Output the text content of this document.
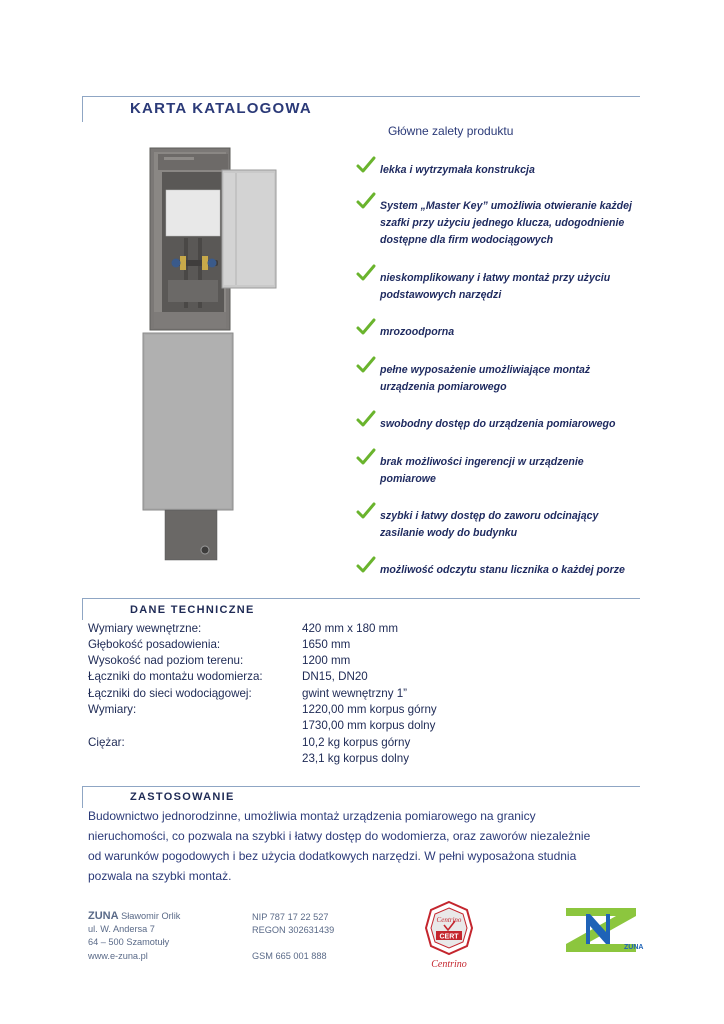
KARTA KATALOGOWA
Główne zalety produktu
lekka i wytrzymała konstrukcja
System „Master Key” umożliwia otwieranie każdej
szafki przy użyciu jednego klucza, udogodnienie
dostępne dla firm wodociągowych
nieskomplikowany i łatwy montaż przy użyciu
podstawowych narzędzi
mrozoodporna
pełne wyposażenie umożliwiające montaż
urządzenia pomiarowego
swobodny dostęp do urządzenia pomiarowego
brak możliwości ingerencji w urządzenie
pomiarowe
szybki i łatwy dostęp do zaworu odcinający
zasilanie wody do budynku
możliwość odczytu stanu licznika o każdej porze
DANE TECHNICZNE
Wymiary wewnętrzne:	420 mm x 180 mm
Głębokość posadowienia:	1650 mm
Wysokość nad poziom terenu:	1200 mm
Łączniki do montażu wodomierza:	DN15, DN20
Łączniki do sieci wodociągowej:	gwint wewnętrzny 1”
Wymiary:	1220,00 mm korpus górny
1730,00 mm korpus dolny
Ciężar:	10,2 kg korpus górny
23,1 kg korpus dolny
ZASTOSOWANIE
Budownictwo jednorodzinne, umożliwia montaż urządzenia pomiarowego na granicy
nieruchomości, co pozwala na szybki i łatwy dostęp do wodomierza, oraz zaworów niezależnie
od warunków pogodowych i bez użycia dodatkowych narzędzi. W pełni wyposażona studnia
pozwala na szybki montaż.
ZUNA Sławomir Orlik
ul. W. Andersa 7
64 – 500 Szamotuły
www.e-zuna.pl
NIP 787 17 22 527
REGON 302631439
GSM 665 001 888
Centrino
CERT
Centrino
ZUNA
